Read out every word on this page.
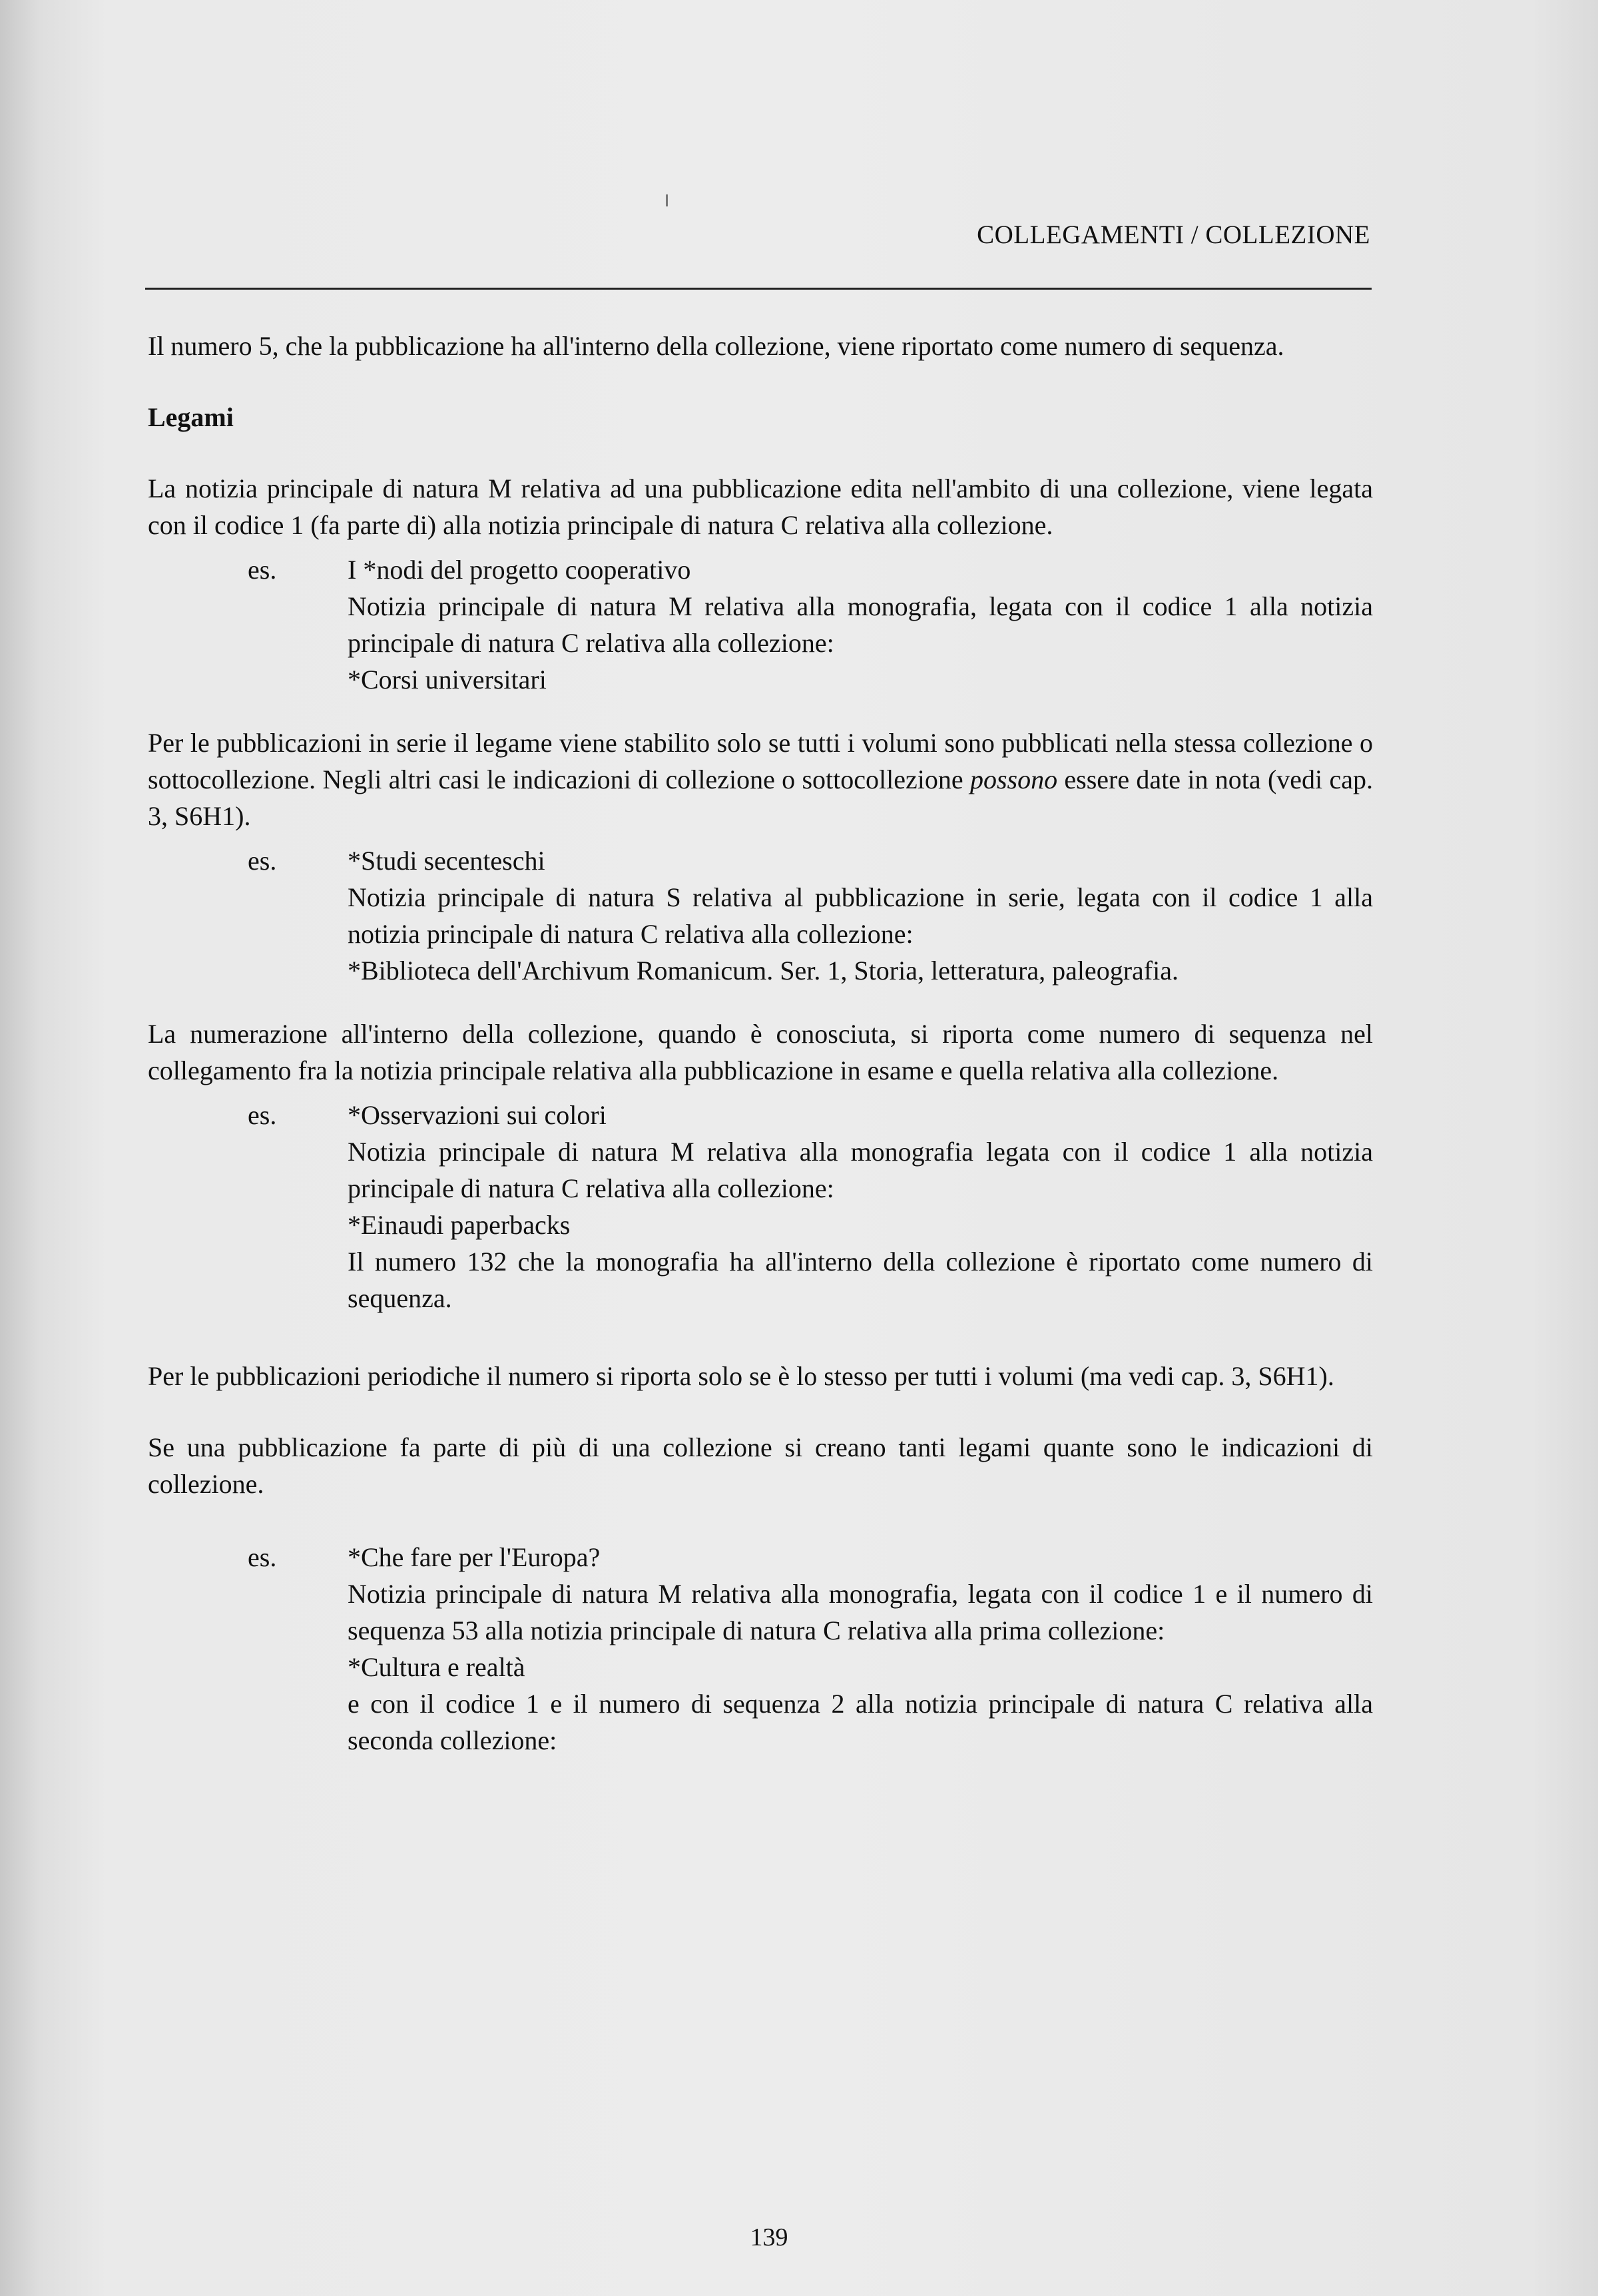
COLLEGAMENTI / COLLEZIONE

Il numero 5, che la pubblicazione ha all'interno della collezione, viene riportato come numero di sequenza.

Legami

La notizia principale di natura M relativa ad una pubblicazione edita nell'ambito di una collezione, viene legata con il codice 1 (fa parte di) alla notizia principale di natura C relativa alla collezione.

es.	I *nodi del progetto cooperativo

Notizia principale di natura M relativa alla monografia, legata con il codice 1 alla notizia principale di natura C relativa alla collezione:

*Corsi universitari

Per le pubblicazioni in serie il legame viene stabilito solo se tutti i volumi sono pubblicati nella stessa collezione o sottocollezione. Negli altri casi le indicazioni di collezione o sottocollezione possono essere date in nota (vedi cap. 3, S6H1).

es.	*Studi secenteschi

Notizia principale di natura S relativa al pubblicazione in serie, legata con il codice 1 alla notizia principale di natura C relativa alla collezione:

*Biblioteca dell'Archivum Romanicum. Ser. 1, Storia, letteratura, paleografia.

La numerazione all'interno della collezione, quando è conosciuta, si riporta come numero di sequenza nel collegamento fra la notizia principale relativa alla pubblicazione in esame e quella relativa alla collezione.

es.	*Osservazioni sui colori

Notizia principale di natura M relativa alla monografia legata con il codice 1 alla notizia principale di natura C relativa alla collezione:

*Einaudi paperbacks

Il numero 132 che la monografia ha all'interno della collezione è riportato come numero di sequenza.

Per le pubblicazioni periodiche il numero si riporta solo se è lo stesso per tutti i volumi (ma vedi cap. 3, S6H1).

Se una pubblicazione fa parte di più di una collezione si creano tanti legami quante sono le indicazioni di collezione.

es.	*Che fare per l'Europa?

Notizia principale di natura M relativa alla monografia, legata con il codice 1 e il numero di sequenza 53 alla notizia principale di natura C relativa alla prima collezione:

*Cultura e realtà

e con il codice 1 e il numero di sequenza 2 alla notizia principale di natura C relativa alla seconda collezione:

139
